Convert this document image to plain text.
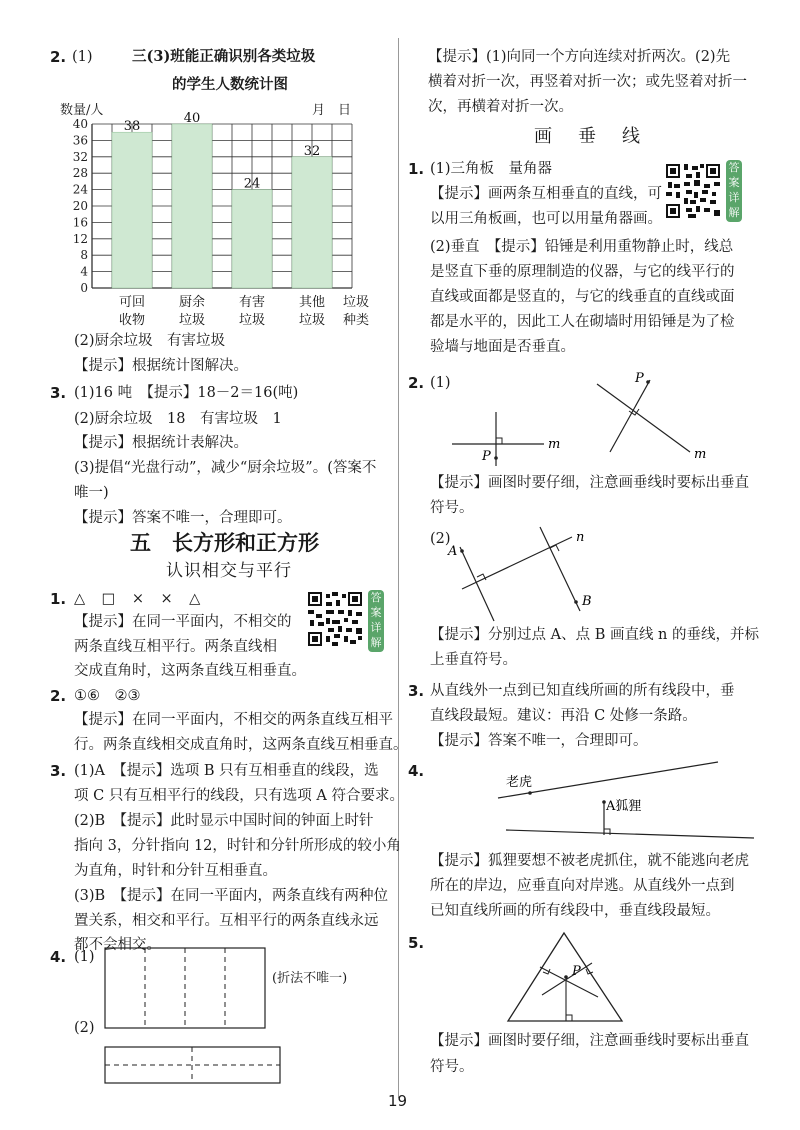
2. (1)	三(3)班能正确识别各类垃圾
的学生人数统计图
数量/人	月　日
0
4
8
12
16
20
24
28
32
36
40	38
可回
收物
40
厨余
垃圾
24
有害
垃圾
32
其他
垃圾
垃圾
种类
(2)厨余垃圾　有害垃圾
【提示】根据统计图解决。
3. (1)16 吨　【提示】18－2＝16(吨)
(2)厨余垃圾　18　有害垃圾　1
【提示】根据统计表解决。
(3)提倡“光盘行动”，减少“厨余垃圾”。(答案不
唯一)
【提示】答案不唯一，合理即可。
五　长方形和正方形
认识相交与平行
1. △　□　×　×　△
【提示】在同一平面内，不相交的
两条直线互相平行。两条直线相
交成直角时，这两条直线互相垂直。
答案详解
2. ①⑥　②③
【提示】在同一平面内，不相交的两条直线互相平
行。两条直线相交成直角时，这两条直线互相垂直。
3. (1)A　【提示】选项 B 只有互相垂直的线段，选
项 C 只有互相平行的线段，只有选项 A 符合要求。
(2)B　【提示】此时显示中国时间的钟面上时针
指向 3，分针指向 12，时针和分针所形成的较小角
为直角，时针和分针互相垂直。
(3)B　【提示】在同一平面内，两条直线有两种位
置关系，相交和平行。互相平行的两条直线永远
都不会相交。
4. (1)
(折法不唯一)
(2)
【提示】(1)向同一个方向连续对折两次。(2)先
横着对折一次，再竖着对折一次；或先竖着对折一
次，再横着对折一次。
画　垂　线
1. (1)三角板　量角器
【提示】画两条互相垂直的直线，可
以用三角板画，也可以用量角器画。
答案详解
(2)垂直　【提示】铅锤是利用重物静止时，线总
是竖直下垂的原理制造的仪器，与它的线平行的
直线或面都是竖直的，与它的线垂直的直线或面
都是水平的，因此工人在砌墙时用铅锤是为了检
验墙与地面是否垂直。
2. (1)
P
m
P
m
【提示】画图时要仔细，注意画垂线时要标出垂直
符号。
(2)
A
n
B
【提示】分别过点 A、点 B 画直线 n 的垂线，并标
上垂直符号。
3. 从直线外一点到已知直线所画的所有线段中，垂
直线段最短。建议：再沿 C 处修一条路。
【提示】答案不唯一，合理即可。
4.
老虎
A狐狸
【提示】狐狸要想不被老虎抓住，就不能逃向老虎
所在的岸边，应垂直向对岸逃。从直线外一点到
已知直线所画的所有线段中，垂直线段最短。
5.
P
【提示】画图时要仔细，注意画垂线时要标出垂直
符号。
19
